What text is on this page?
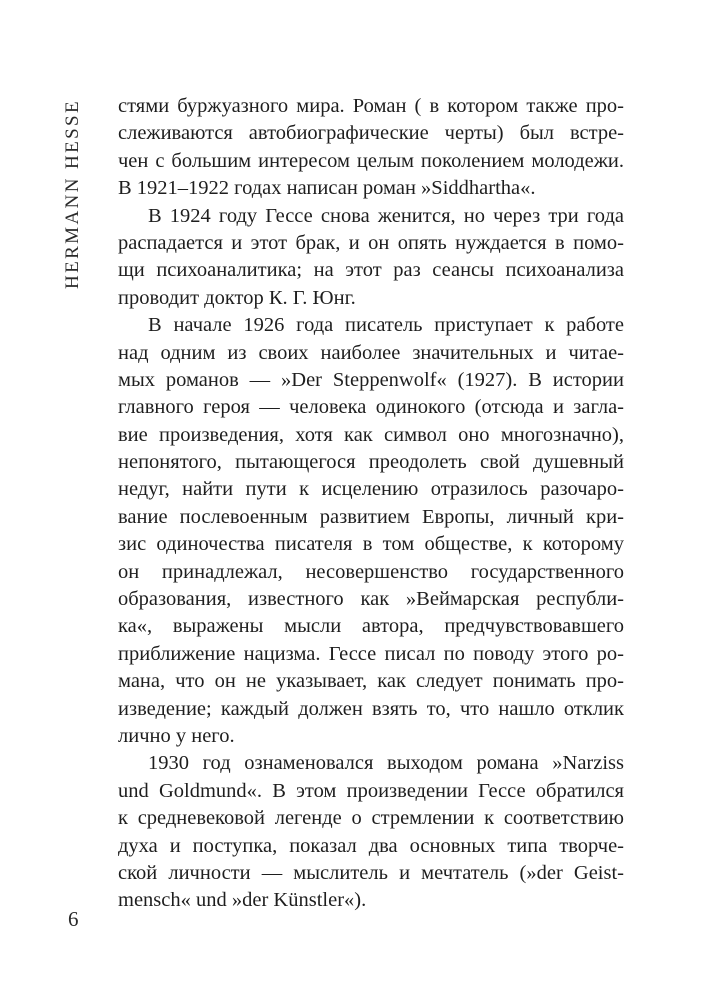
HERMANN HESSE стями буржуазного мира. Роман ( в котором также про-
слеживаются автобиографические черты) был встре-
чен с большим интересом целым поколением молодежи.
В 1921–1922 годах написан роман »Siddhartha«.
В 1924 году Гессе снова женится, но через три года
распадается и этот брак, и он опять нуждается в помо-
щи психоаналитика; на этот раз сеансы психоанализа
проводит доктор К. Г. Юнг.
В начале 1926 года писатель приступает к работе
над одним из своих наиболее значительных и читае-
мых романов — »Der Steppenwolf« (1927). В истории
главного героя — человека одинокого (отсюда и загла-
вие произведения, хотя как символ оно многозначно),
непонятого, пытающегося преодолеть свой душевный
недуг, найти пути к исцелению отразилось разочаро-
вание послевоенным развитием Европы, личный кри-
зис одиночества писателя в том обществе, к которому
он принадлежал, несовершенство государственного
образования, известного как »Веймарская республи-
ка«, выражены мысли автора, предчувствовавшего
приближение нацизма. Гессе писал по поводу этого ро-
мана, что он не указывает, как следует понимать про-
изведение; каждый должен взять то, что нашло отклик
лично у него.
1930 год ознаменовался выходом романа »Narziss
und Goldmund«. В этом произведении Гессе обратился
к средневековой легенде о стремлении к соответствию
духа и поступка, показал два основных типа творче-
ской личности — мыслитель и мечтатель (»der Geist-
mensch« und »der Künstler«).
6
